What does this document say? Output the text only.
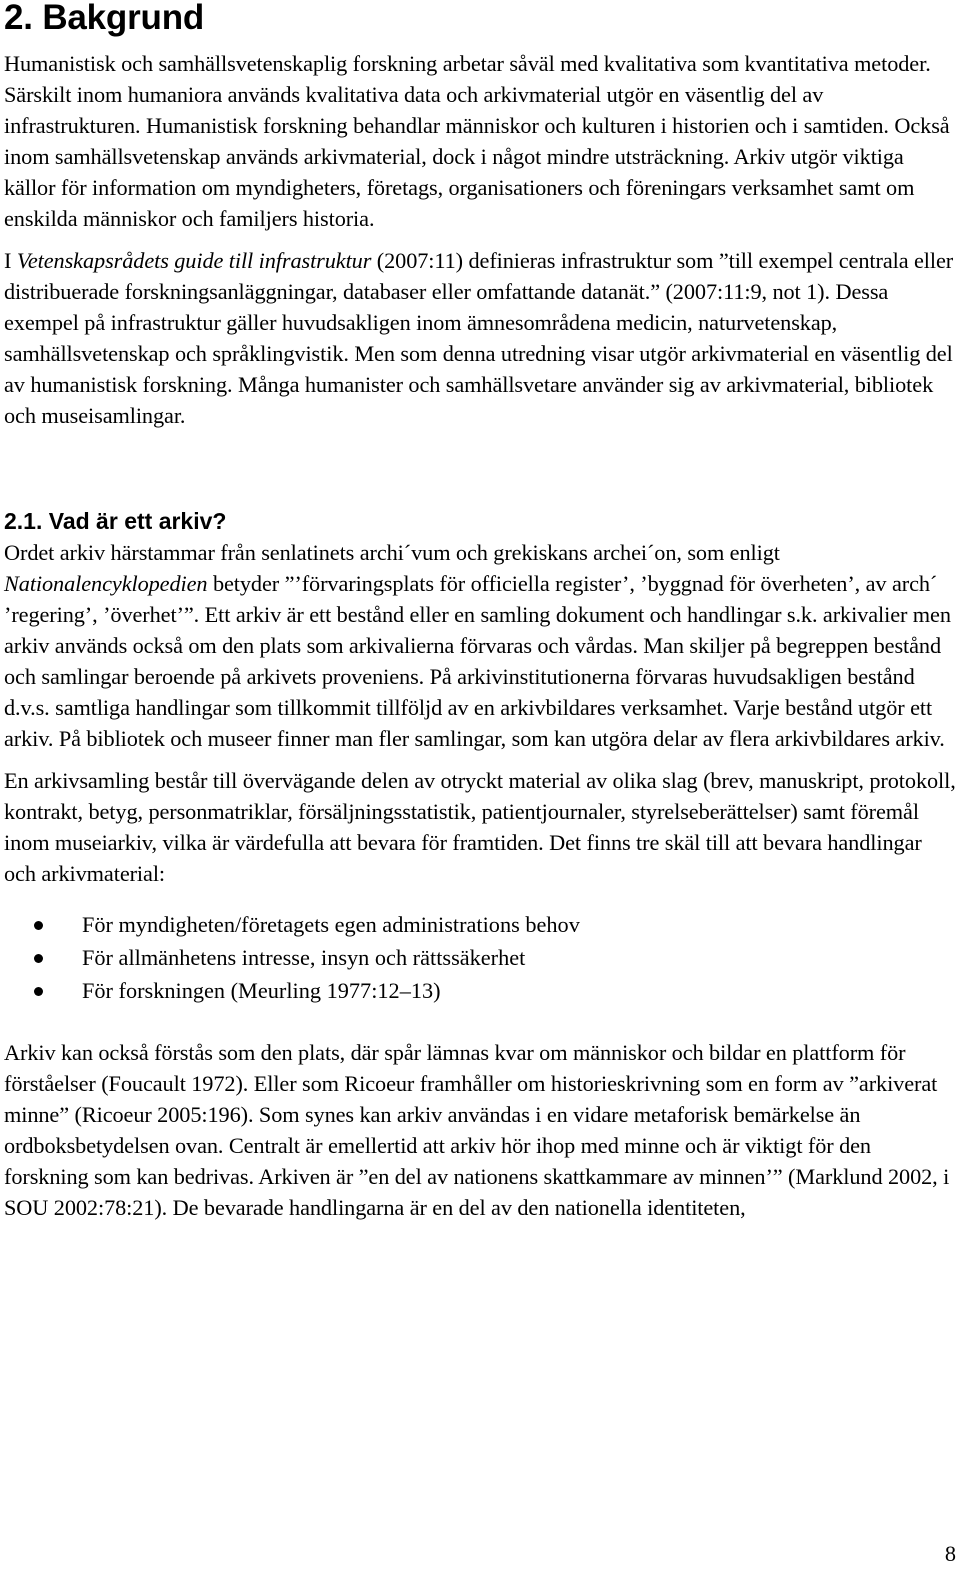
2. Bakgrund

Humanistisk och samhällsvetenskaplig forskning arbetar såväl med kvalitativa som kvantitativa metoder. Särskilt inom humaniora används kvalitativa data och arkivmaterial utgör en väsentlig del av infrastrukturen. Humanistisk forskning behandlar människor och kulturen i historien och i samtiden. Också inom samhällsvetenskap används arkivmaterial, dock i något mindre utsträckning. Arkiv utgör viktiga källor för information om myndigheters, företags, organisationers och föreningars verksamhet samt om enskilda människor och familjers historia.

I Vetenskapsrådets guide till infrastruktur (2007:11) definieras infrastruktur som ”till exempel centrala eller distribuerade forskningsanläggningar, databaser eller omfattande datanät.” (2007:11:9, not 1). Dessa exempel på infrastruktur gäller huvudsakligen inom ämnesområdena medicin, naturvetenskap, samhällsvetenskap och språklingvistik. Men som denna utredning visar utgör arkivmaterial en väsentlig del av humanistisk forskning. Många humanister och samhällsvetare använder sig av arkivmaterial, bibliotek och museisamlingar.

2.1. Vad är ett arkiv?

Ordet arkiv härstammar från senlatinets archi´vum och grekiskans archei´on, som enligt Nationalencyklopedien betyder ”’förvaringsplats för officiella register’, ’byggnad för överheten’, av arch´ ’regering’, ’överhet’”. Ett arkiv är ett bestånd eller en samling dokument och handlingar s.k. arkivalier men arkiv används också om den plats som arkivalierna förvaras och vårdas. Man skiljer på begreppen bestånd och samlingar beroende på arkivets proveniens. På arkivinstitutionerna förvaras huvudsakligen bestånd d.v.s. samtliga handlingar som tillkommit tillföljd av en arkivbildares verksamhet. Varje bestånd utgör ett arkiv. På bibliotek och museer finner man fler samlingar, som kan utgöra delar av flera arkivbildares arkiv.

En arkivsamling består till övervägande delen av otryckt material av olika slag (brev, manuskript, protokoll, kontrakt, betyg, personmatriklar, försäljningsstatistik, patientjournaler, styrelseberättelser) samt föremål inom museiarkiv, vilka är värdefulla att bevara för framtiden. Det finns tre skäl till att bevara handlingar och arkivmaterial:

För myndigheten/företagets egen administrations behov
För allmänhetens intresse, insyn och rättssäkerhet
För forskningen (Meurling 1977:12–13)

Arkiv kan också förstås som den plats, där spår lämnas kvar om människor och bildar en plattform för förståelser (Foucault 1972). Eller som Ricoeur framhåller om historieskrivning som en form av ”arkiverat minne” (Ricoeur 2005:196). Som synes kan arkiv användas i en vidare metaforisk bemärkelse än ordboksbetydelsen ovan. Centralt är emellertid att arkiv hör ihop med minne och är viktigt för den forskning som kan bedrivas. Arkiven är ”en del av nationens skattkammare av minnen’” (Marklund 2002, i SOU 2002:78:21). De bevarade handlingarna är en del av den nationella identiteten,

8
